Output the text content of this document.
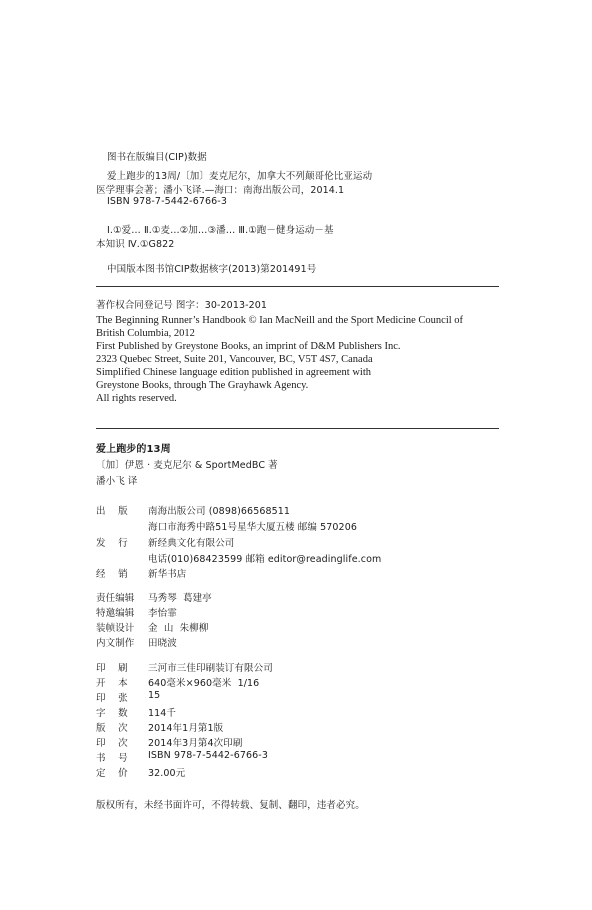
图书在版编目(CIP)数据
爱上跑步的13周/〔加〕麦克尼尔，加拿大不列颠哥伦比亚运动
医学理事会著；潘小飞译.—海口：南海出版公司，2014.1
ISBN 978-7-5442-6766-3
Ⅰ.①爱… Ⅱ.①麦…②加…③潘… Ⅲ.①跑－健身运动－基
本知识 Ⅳ.①G822
中国版本图书馆CIP数据核字(2013)第201491号
著作权合同登记号 图字：30-2013-201
The Beginning Runner’s Handbook © Ian MacNeill and the Sport Medicine Council of
British Columbia, 2012
First Published by Greystone Books, an imprint of D&M Publishers Inc.
2323 Quebec Street, Suite 201, Vancouver, BC, V5T 4S7, Canada
Simplified Chinese language edition published in agreement with
Greystone Books, through The Grayhawk Agency.
All rights reserved.
爱上跑步的13周
〔加〕伊恩 · 麦克尼尔 & SportMedBC 著
潘小飞 译
出    版 南海出版公司 (0898)66568511
海口市海秀中路51号星华大厦五楼 邮编 570206
发    行 新经典文化有限公司
电话(010)68423599 邮箱 editor@readinglife.com
经    销 新华书店
责任编辑 马秀琴  葛建亭
特邀编辑 李怡霏
装帧设计 金  山  朱柳柳
内文制作 田晓波
印    刷 三河市三佳印刷装订有限公司
开    本 640毫米×960毫米  1/16
印    张 15
字    数 114千
版    次 2014年1月第1版
印    次 2014年3月第4次印刷
书    号 ISBN 978-7-5442-6766-3
定    价 32.00元
版权所有，未经书面许可，不得转载、复制、翻印，违者必究。
